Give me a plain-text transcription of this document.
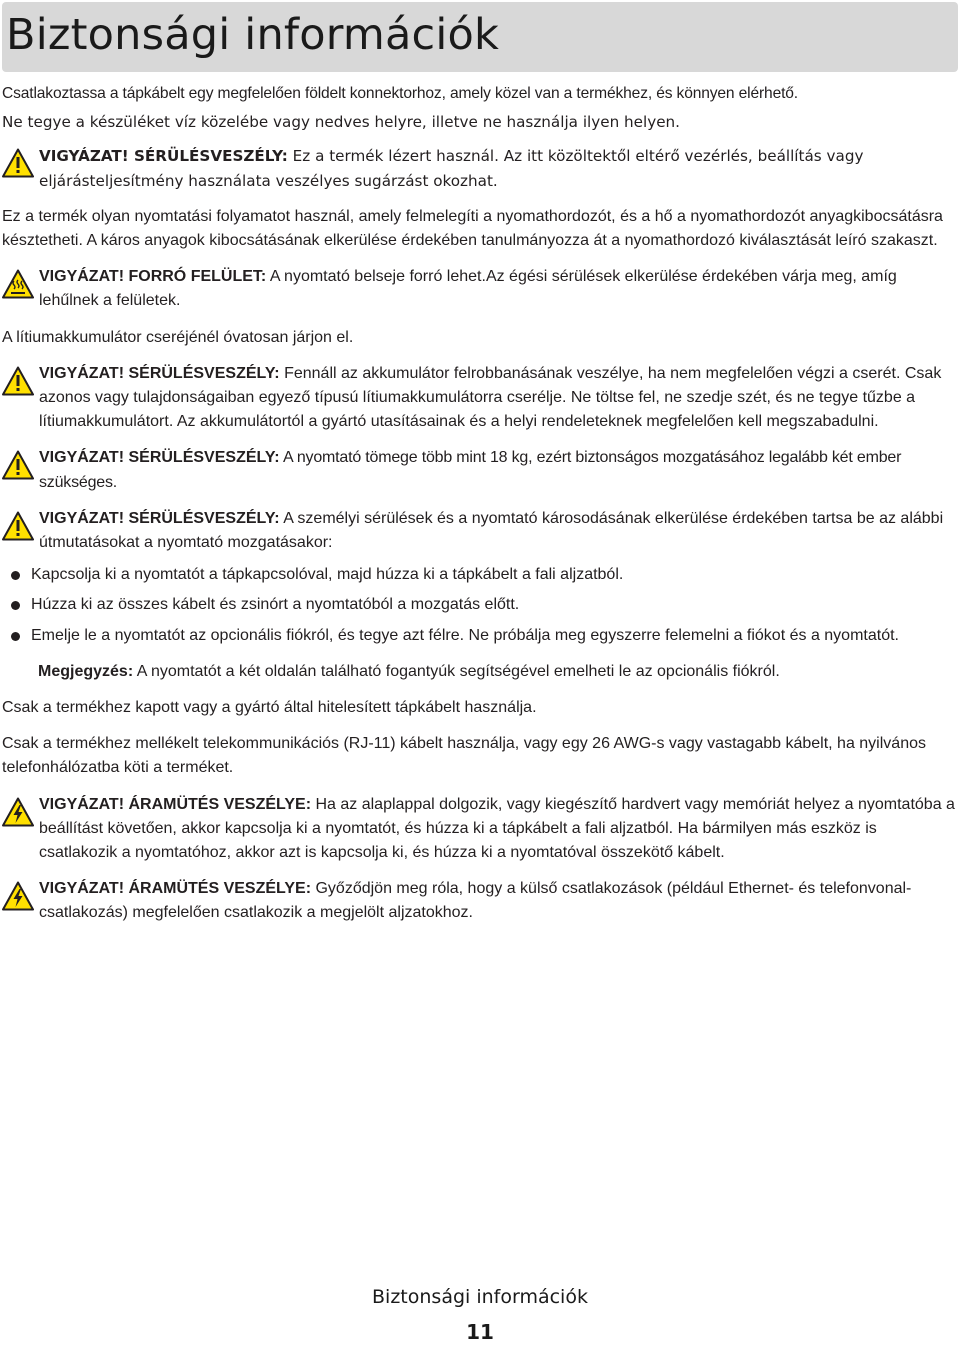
Biztonsági információk

Csatlakoztassa a tápkábelt egy megfelelően földelt konnektorhoz, amely közel van a termékhez, és könnyen elérhető.

Ne tegye a készüléket víz közelébe vagy nedves helyre, illetve ne használja ilyen helyen.

VIGYÁZAT! SÉRÜLÉSVESZÉLY: Ez a termék lézert használ. Az itt közöltektől eltérő vezérlés, beállítás vagy eljárásteljesítmény használata veszélyes sugárzást okozhat.

Ez a termék olyan nyomtatási folyamatot használ, amely felmelegíti a nyomathordozót, és a hő a nyomathordozót anyagkibocsátásra késztetheti. A káros anyagok kibocsátásának elkerülése érdekében tanulmányozza át a nyomathordozó kiválasztását leíró szakaszt.

VIGYÁZAT! FORRÓ FELÜLET: A nyomtató belseje forró lehet.Az égési sérülések elkerülése érdekében várja meg, amíg lehűlnek a felületek.

A lítiumakkumulátor cseréjénél óvatosan járjon el.

VIGYÁZAT! SÉRÜLÉSVESZÉLY: Fennáll az akkumulátor felrobbanásának veszélye, ha nem megfelelően végzi a cserét. Csak azonos vagy tulajdonságaiban egyező típusú lítiumakkumulátorra cserélje. Ne töltse fel, ne szedje szét, és ne tegye tűzbe a lítiumakkumulátort. Az akkumulátortól a gyártó utasításainak és a helyi rendeleteknek megfelelően kell megszabadulni.

VIGYÁZAT! SÉRÜLÉSVESZÉLY: A nyomtató tömege több mint 18 kg, ezért biztonságos mozgatásához legalább két ember szükséges.

VIGYÁZAT! SÉRÜLÉSVESZÉLY: A személyi sérülések és a nyomtató károsodásának elkerülése érdekében tartsa be az alábbi útmutatásokat a nyomtató mozgatásakor:

Kapcsolja ki a nyomtatót a tápkapcsolóval, majd húzza ki a tápkábelt a fali aljzatból.
Húzza ki az összes kábelt és zsinórt a nyomtatóból a mozgatás előtt.
Emelje le a nyomtatót az opcionális fiókról, és tegye azt félre. Ne próbálja meg egyszerre felemelni a fiókot és a nyomtatót.

Megjegyzés: A nyomtatót a két oldalán található fogantyúk segítségével emelheti le az opcionális fiókról.

Csak a termékhez kapott vagy a gyártó által hitelesített tápkábelt használja.

Csak a termékhez mellékelt telekommunikációs (RJ-11) kábelt használja, vagy egy 26 AWG-s vagy vastagabb kábelt, ha nyilvános telefonhálózatba köti a terméket.

VIGYÁZAT! ÁRAMÜTÉS VESZÉLYE: Ha az alaplappal dolgozik, vagy kiegészítő hardvert vagy memóriát helyez a nyomtatóba a beállítást követően, akkor kapcsolja ki a nyomtatót, és húzza ki a tápkábelt a fali aljzatból. Ha bármilyen más eszköz is csatlakozik a nyomtatóhoz, akkor azt is kapcsolja ki, és húzza ki a nyomtatóval összekötő kábelt.

VIGYÁZAT! ÁRAMÜTÉS VESZÉLYE: Győződjön meg róla, hogy a külső csatlakozások (például Ethernet- és telefonvonal-csatlakozás) megfelelően csatlakozik a megjelölt aljzatokhoz.

Biztonsági információk
11
